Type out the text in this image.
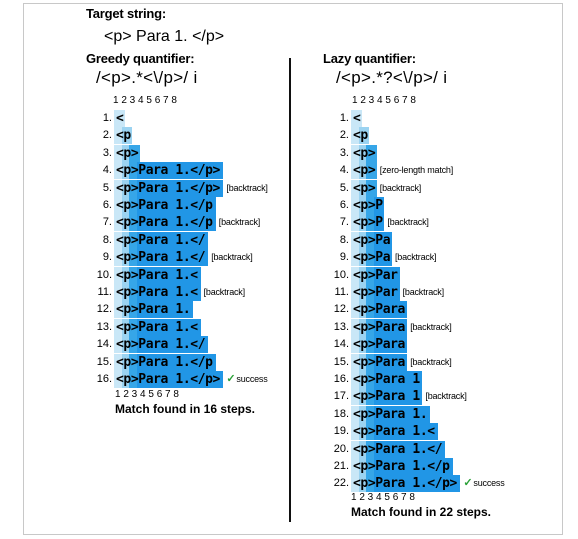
Target string:
<p> Para 1. </p>
Greedy quantifier:
/<p>.*<\/p>/ i
1 2 3 4 5 6 7 8
Lazy quantifier:
/<p>.*?<\/p>/ i
1 2 3 4 5 6 7 8
1. <
2. <p
3. <p>
4. <p>Para 1.</p>
5. <p>Para 1.</p> [backtrack]
6. <p>Para 1.</p
7. <p>Para 1.</p [backtrack]
8. <p>Para 1.</
9. <p>Para 1.</ [backtrack]
10. <p>Para 1.<
11. <p>Para 1.< [backtrack]
12. <p>Para 1.
13. <p>Para 1.<
14. <p>Para 1.</
15. <p>Para 1.</p
16. <p>Para 1.</p> ✓success
1. <
2. <p
3. <p>
4. <p> [zero-length match]
5. <p> [backtrack]
6. <p>P
7. <p>P [backtrack]
8. <p>Pa
9. <p>Pa [backtrack]
10. <p>Par
11. <p>Par [backtrack]
12. <p>Para
13. <p>Para [backtrack]
14. <p>Para
15. <p>Para [backtrack]
16. <p>Para 1
17. <p>Para 1 [backtrack]
18. <p>Para 1.
19. <p>Para 1.<
20. <p>Para 1.</
21. <p>Para 1.</p
22. <p>Para 1.</p> ✓success
1 2 3 4 5 6 7 8
Match found in 16 steps.
1 2 3 4 5 6 7 8
Match found in 22 steps.
